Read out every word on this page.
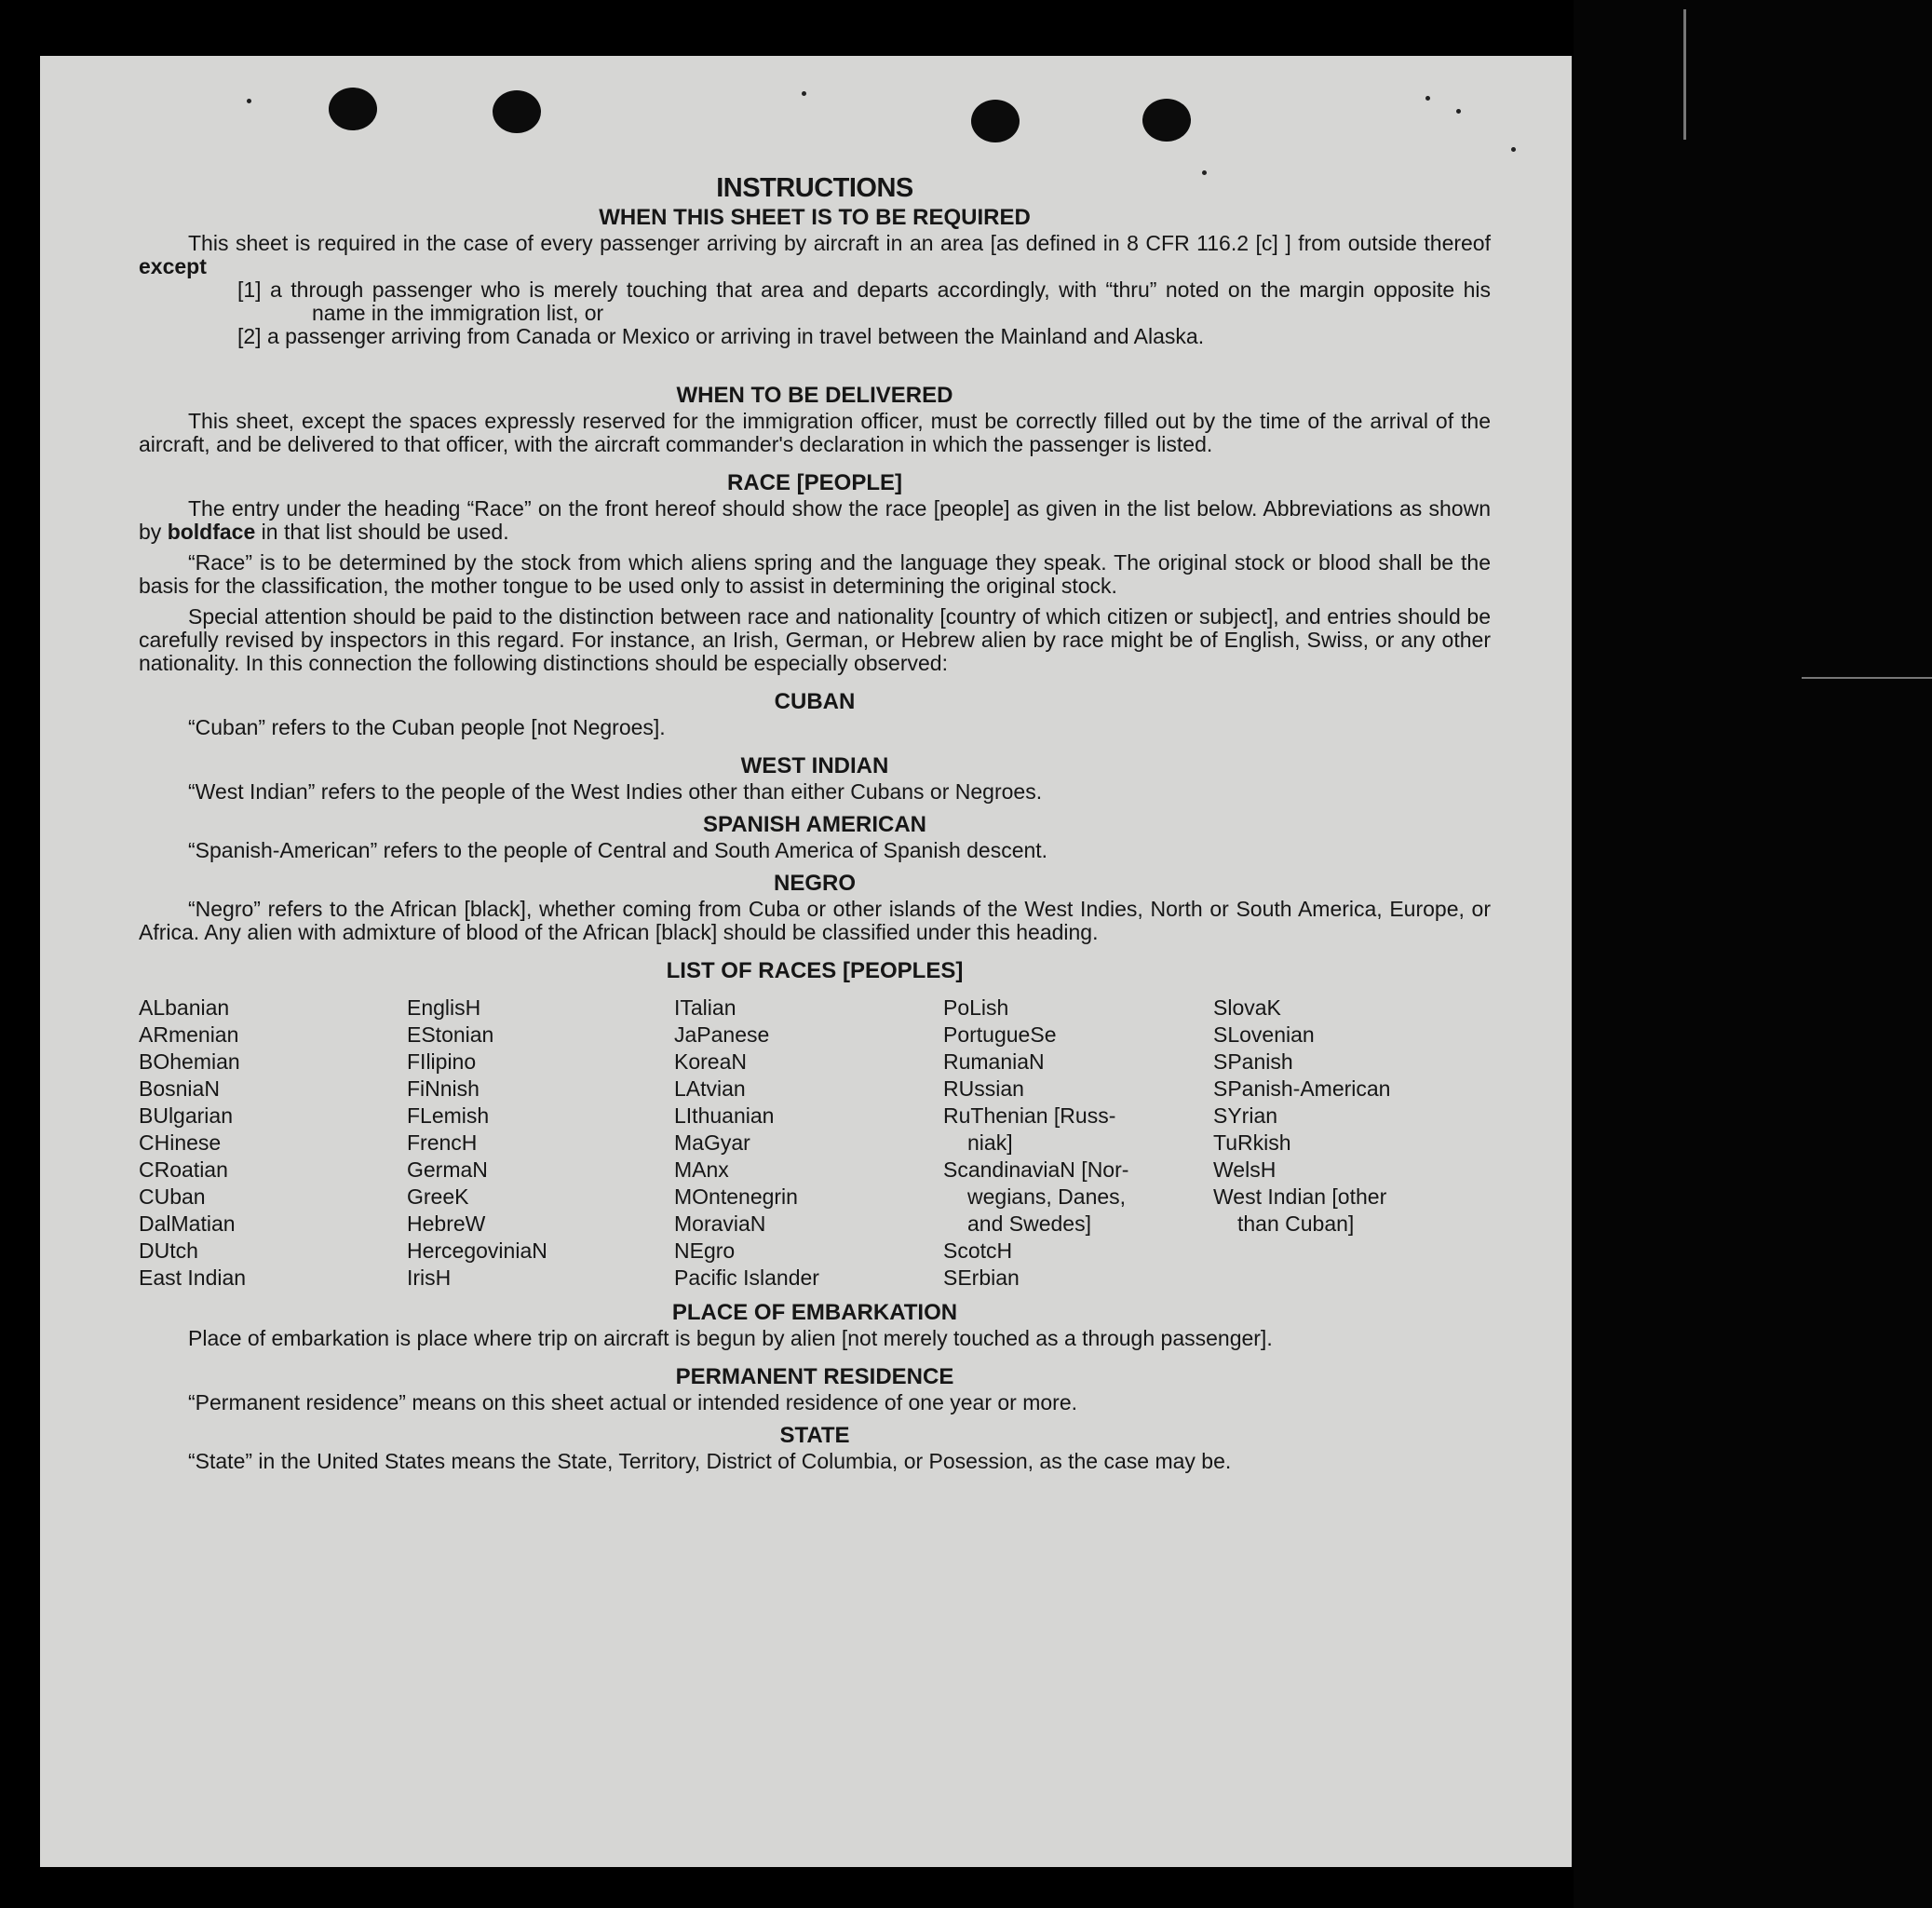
INSTRUCTIONS
WHEN THIS SHEET IS TO BE REQUIRED

This sheet is required in the case of every passenger arriving by aircraft in an area [as defined in 8 CFR 116.2 [c] ] from outside thereof except

[1] a through passenger who is merely touching that area and departs accordingly, with “thru” noted on the margin opposite his name in the immigration list, or

[2] a passenger arriving from Canada or Mexico or arriving in travel between the Mainland and Alaska.

WHEN TO BE DELIVERED

This sheet, except the spaces expressly reserved for the immigration officer, must be correctly filled out by the time of the arrival of the aircraft, and be delivered to that officer, with the aircraft commander's declaration in which the passenger is listed.

RACE [PEOPLE]

The entry under the heading “Race” on the front hereof should show the race [people] as given in the list below. Abbreviations as shown by boldface in that list should be used.

“Race” is to be determined by the stock from which aliens spring and the language they speak. The original stock or blood shall be the basis for the classification, the mother tongue to be used only to assist in determining the original stock.

Special attention should be paid to the distinction between race and nationality [country of which citizen or subject], and entries should be carefully revised by inspectors in this regard. For instance, an Irish, German, or Hebrew alien by race might be of English, Swiss, or any other nationality. In this connection the following distinctions should be especially observed:

CUBAN

“Cuban” refers to the Cuban people [not Negroes].

WEST INDIAN

“West Indian” refers to the people of the West Indies other than either Cubans or Negroes.

SPANISH AMERICAN

“Spanish-American” refers to the people of Central and South America of Spanish descent.

NEGRO

“Negro” refers to the African [black], whether coming from Cuba or other islands of the West Indies, North or South America, Europe, or Africa. Any alien with admixture of blood of the African [black] should be classified under this heading.

LIST OF RACES [PEOPLES]
ALbanian
ARmenian
BOhemian
BosniaN
BUlgarian
CHinese
CRoatian
CUban
DalMatian
DUtch
East Indian
EnglisH
EStonian
FIlipino
FiNnish
FLemish
FrencH
GermaN
GreeK
HebreW
HercegoviniaN
IrisH
ITalian
JaPanese
KoreaN
LAtvian
LIthuanian
MaGyar
MAnx
MOntenegrin
MoraviaN
NEgro
Pacific Islander
PoLish
PortugueSe
RumaniaN
RUssian
RuThenian [Russ-
niak]
ScandinaviaN [Nor-
wegians, Danes,
and Swedes]
ScotcH
SErbian
SlovaK
SLovenian
SPanish
SPanish-American
SYrian
TuRkish
WelsH
West Indian [other
than Cuban]
PLACE OF EMBARKATION

Place of embarkation is place where trip on aircraft is begun by alien [not merely touched as a through passenger].

PERMANENT RESIDENCE

“Permanent residence” means on this sheet actual or intended residence of one year or more.

STATE

“State” in the United States means the State, Territory, District of Columbia, or Posession, as the case may be.
